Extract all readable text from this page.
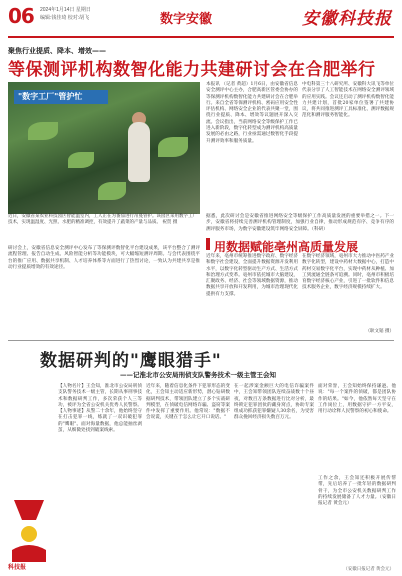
06 2024年1月14日 星期日
编辑:钱佳琦 校对:胡飞	数字安徽	安徽科技报
聚焦行业提质、降本、增效——
等保测评机构数智化能力共建研讨会在合肥举行
本报讯 （记者 黄超）1月6日，由安徽省信息安全测评中心主办，合肥高新区管委会协办的等保测评机构数智化能力共建研讨会在合肥举行。来自全省等保测评机构、密码应用安全性评估机构、网络安全企业的代表共聚一堂，围绕行业提质、降本、增效等议题展开深入交流。会议指出，当前网络安全等级保护工作已进入新阶段，数字化转型成为测评机构高质量发展的必由之路，行业亟需通过数智化手段提升测评效率和服务质量。
中电科第三十八研究所、安徽科大讯飞等单位代表分享了人工智能技术在网络安全测评领域的应用实践。会议还启动了测评机构数智化能力共建计划，首批20家单位签署了共建协议，将共同推进测评工具标准化、测评数据规范化和测评服务智能化。
"数字工厂"管护忙
近日，安徽省某农业科技园区智能温室内，工人正在为番茄进行吊蔓管护。该园区采用数字工厂技术，实现温湿度、光照、水肥的精准调控，有效提升了蔬菜的产量与品质。 祝贺 摄
据悉，此次研讨会是安徽省推进网络安全等级保护工作高质量发展的重要举措之一。下一步，安徽省将持续完善测评机构管理制度，加强行业自律，推动形成规范有序、竞争有序的测评服务市场，为数字安徽建设筑牢网络安全屏障。（科研）
用数据赋能亳州高质量发展
近年来，亳州市统筹推进数字政府、数字经济和数字社会建设，全面提升数据资源开发利用水平，以数字化转型驱动生产方式、生活方式和治理方式变革。亳州市依托城市大脑建设，汇聚政务、经济、社会等领域数据资源，推动数据共享开放和开发利用，为城市治理现代化提供有力支撑。
在数字经济领域，亳州市大力推动中医药产业数字化转型，建设中药材大数据中心，打造中药材交易数字化平台，实现中药材从种植、加工到流通全链条可追溯。同时，亳州市积极培育数字经济核心产业，引进了一批软件和信息技术服务企业，数字经济规模持续扩大。
研讨会上，安徽省信息安全测评中心发布了等保测评数智化平台建设成果，该平台整合了测评流程管理、报告自动生成、风险智能分析等功能模块，可大幅缩短测评周期。与会代表围绕平台的推广应用、数据共享机制、人才培养体系等方面进行了热烈讨论，一致认为共建共享是推动行业提质增效的有效途径。
（耿文韬 摄）
数据研判的"鹰眼猎手"
——记淮北市公安局刑侦支队警务技术一级主管王会知
【人物名片】王会知，淮北市公安局刑侦支队警务技术一级主管，长期从事刑事技术和数据研判工作，多次荣获个人三等功，被评为全省公安机关优秀人民警察。【人物事迹】从警二十余年，他始终坚守在打击犯罪一线，练就了一双识破犯罪的"鹰眼"。面对海量数据，他总能抽丝剥茧，从细微处找到破案线索。
近年来，随着信息化条件下犯罪形态的变化，王会知主动适应新形势，潜心钻研数据研判技术，带领团队建立了多个实战研判模型，在侦破电信网络诈骗、盗窃等案件中发挥了重要作用。他常说："数据不会说谎，关键在于怎么让它开口说话。"
在一起涉案金额巨大的电信诈骗案件中，王会知带领团队连续奋战数十个昼夜，对数百万条数据进行比对分析，最终锁定犯罪团伙的藏身窝点，协助专案组成功抓获犯罪嫌疑人30余名，为受害群众挽回经济损失数百万元。
面对荣誉，王会知始终保持谦逊。他说："每一个案件的侦破，都是团队协作的结果。"如今，他依然每天坚守在工作岗位上，用数据守护一方平安，用行动诠释人民警察的初心和使命。
工作之余，王会知还积极开展传帮带，先后培养了一批年轻的数据研判骨干，为全市公安机关数据研判工作的持续发展储备了人才力量。（安徽日报记者 黄会元）
科技报	（安徽日报记者 黄会元）
